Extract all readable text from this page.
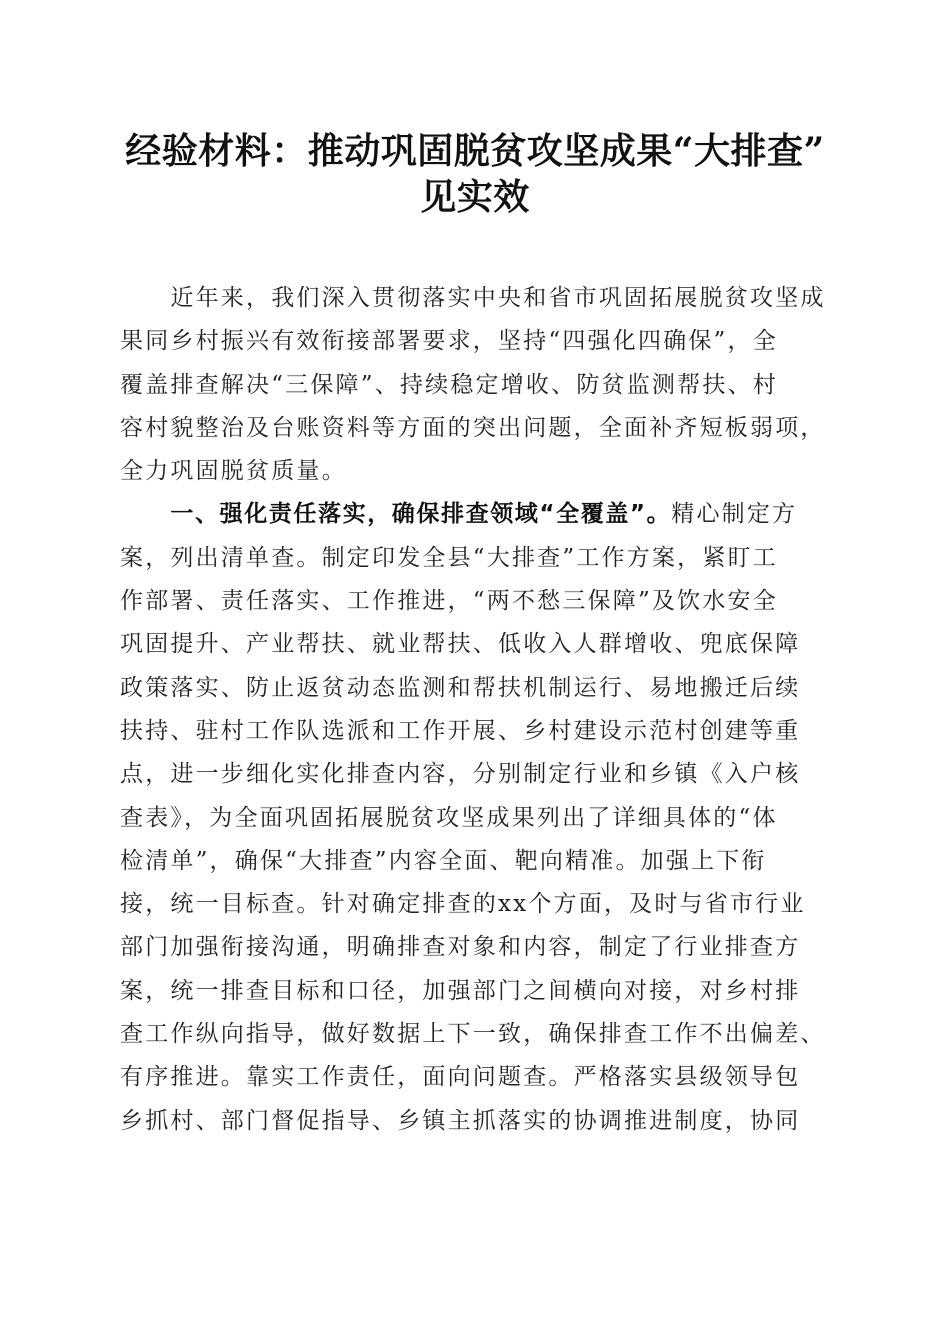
经验材料：推动巩固脱贫攻坚成果“大排查”
见实效
　　近年来，我们深入贯彻落实中央和省市巩固拓展脱贫攻坚成
果同乡村振兴有效衔接部署要求，坚持“四强化四确保”，全
覆盖排查解决“三保障”、持续稳定增收、防贫监测帮扶、村
容村貌整治及台账资料等方面的突出问题，全面补齐短板弱项，
全力巩固脱贫质量。
　　一、强化责任落实，确保排查领域“全覆盖”。精心制定方
案，列出清单查。制定印发全县“大排查”工作方案，紧盯工
作部署、责任落实、工作推进，“两不愁三保障”及饮水安全
巩固提升、产业帮扶、就业帮扶、低收入人群增收、兜底保障
政策落实、防止返贫动态监测和帮扶机制运行、易地搬迁后续
扶持、驻村工作队选派和工作开展、乡村建设示范村创建等重
点，进一步细化实化排查内容，分别制定行业和乡镇《入户核
查表》，为全面巩固拓展脱贫攻坚成果列出了详细具体的“体
检清单”，确保“大排查”内容全面、靶向精准。加强上下衔
接，统一目标查。针对确定排查的xx个方面，及时与省市行业
部门加强衔接沟通，明确排查对象和内容，制定了行业排查方
案，统一排查目标和口径，加强部门之间横向对接，对乡村排
查工作纵向指导，做好数据上下一致，确保排查工作不出偏差、
有序推进。靠实工作责任，面向问题查。严格落实县级领导包
乡抓村、部门督促指导、乡镇主抓落实的协调推进制度，协同
